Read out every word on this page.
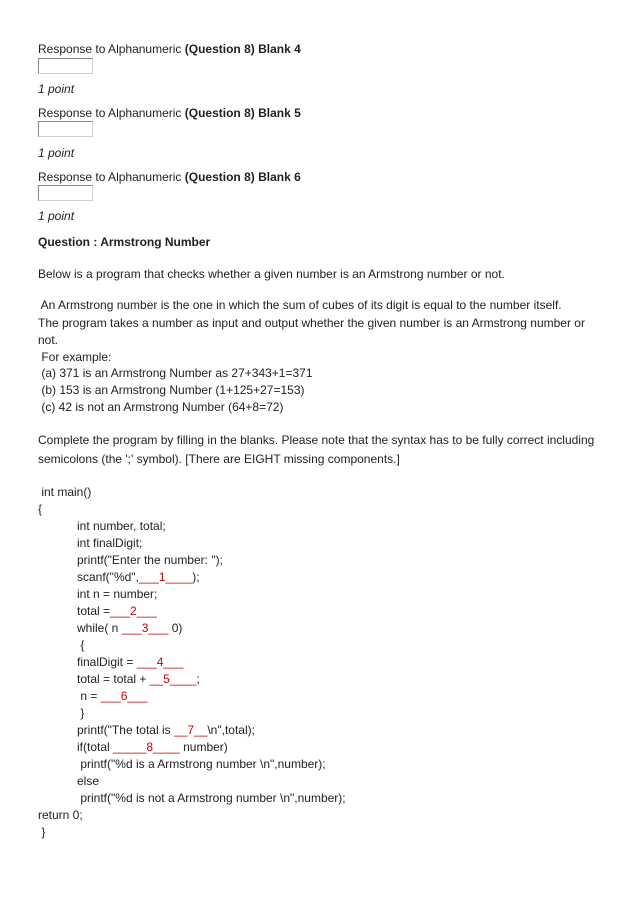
Response to Alphanumeric (Question 8) Blank 4
1 point
Response to Alphanumeric (Question 8) Blank 5
1 point
Response to Alphanumeric (Question 8) Blank 6
1 point
Question : Armstrong Number
Below is a program that checks whether a given number is an Armstrong number or not.
An Armstrong number is the one in which the sum of cubes of its digit is equal to the number itself.
The program takes a number as input and output whether the given number is an Armstrong number or
not.
For example:
(a) 371 is an Armstrong Number as 27+343+1=371
(b) 153 is an Armstrong Number (1+125+27=153)
(c) 42 is not an Armstrong Number (64+8=72)
Complete the program by filling in the blanks. Please note that the syntax has to be fully correct including
semicolons (the ';' symbol). [There are EIGHT missing components.]
int main()
{
int number, total;
int finalDigit;
printf("Enter the number: ");
scanf("%d",___1____);
int n = number;
total =___2___
while( n ___3___ 0)
{
finalDigit = ___4___
total = total + __5____;
n = ___6___
}
printf("The total is __7__\n",total);
if(total _____8____ number)
printf("%d is a Armstrong number \n",number);
else
printf("%d is not a Armstrong number \n",number);
return 0;
}
